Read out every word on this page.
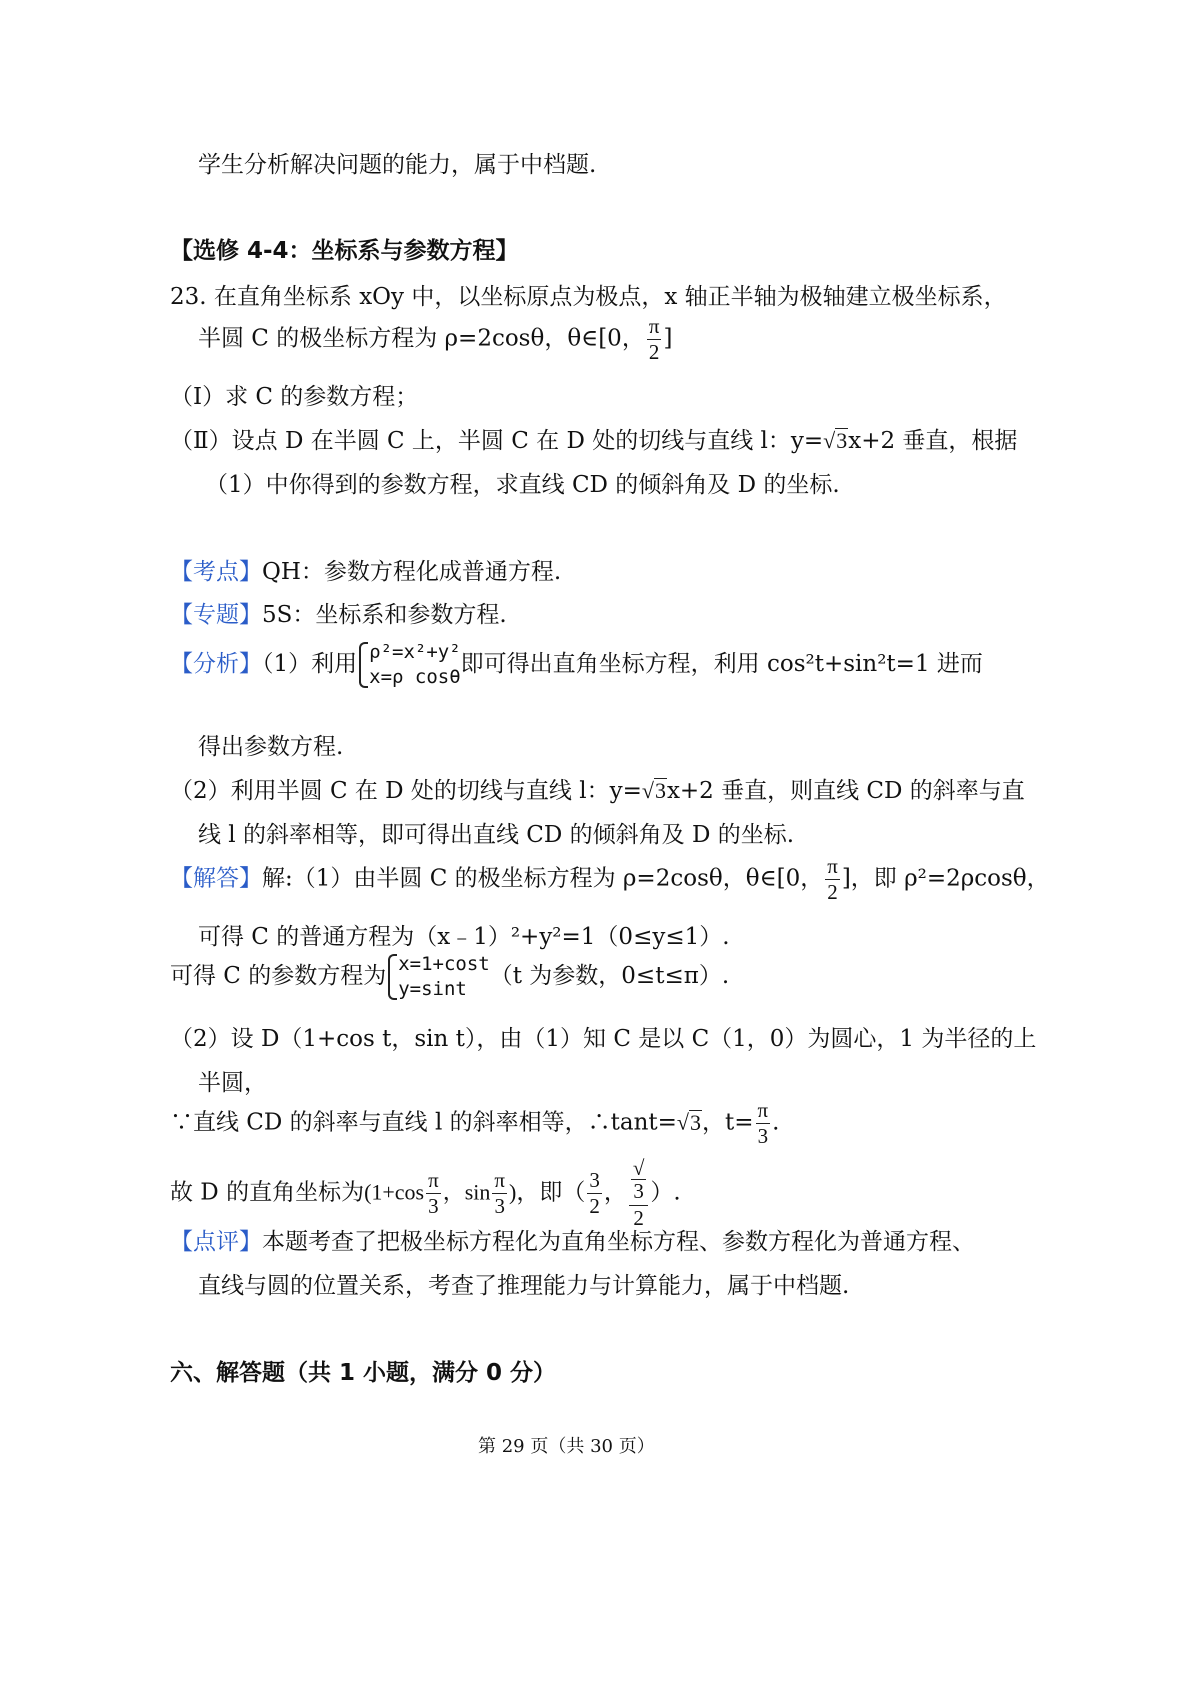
学生分析解决问题的能力，属于中档题.
【选修 4-4：坐标系与参数方程】
23. 在直角坐标系 xOy 中，以坐标原点为极点，x 轴正半轴为极轴建立极坐标系，
半圆 C 的极坐标方程为 ρ=2cosθ，θ∈[0， $\frac{\pi}{2}$ ]
（Ⅰ）求 C 的参数方程；
（Ⅱ）设点 D 在半圆 C 上，半圆 C 在 D 处的切线与直线 l：y=√3x+2 垂直，根据
（1）中你得到的参数方程，求直线 CD 的倾斜角及 D 的坐标.
【考点】QH：参数方程化成普通方程.
【专题】5S：坐标系和参数方程.
【分析】（1）利用 ρ²=x²+y²
x=ρ cosθ 即可得出直角坐标方程，利用 cos²t+sin²t=1 进而
得出参数方程.
（2）利用半圆 C 在 D 处的切线与直线 l：y=√3x+2 垂直，则直线 CD 的斜率与直
线 l 的斜率相等，即可得出直线 CD 的倾斜角及 D 的坐标.
【解答】解:（1）由半圆 C 的极坐标方程为 ρ=2cosθ，θ∈[0， $\frac{\pi}{2}$ ]，即 ρ²=2ρcosθ，
可得 C 的普通方程为（x﹣1）²+y²=1（0≤y≤1）.
可得 C 的参数方程为 x=1+cost
y=sint （t 为参数，0≤t≤π）.
（2）设 D（1+cos t，sin t），由（1）知 C 是以 C（1，0）为圆心，1 为半径的上
半圆，
∵直线 CD 的斜率与直线 l 的斜率相等，∴tant=√3，$t= \frac{\pi}{3}$ .
故 D 的直角坐标为($1+\cos \frac{\pi}{3}$ ，$\sin \frac{\pi}{3}$ )，即（ $\frac{3}{2}$ ， √
3
2 ）.
【点评】本题考查了把极坐标方程化为直角坐标方程、参数方程化为普通方程、
直线与圆的位置关系，考查了推理能力与计算能力，属于中档题.
六、解答题（共 1 小题，满分 0 分）
第 29 页（共 30 页）
